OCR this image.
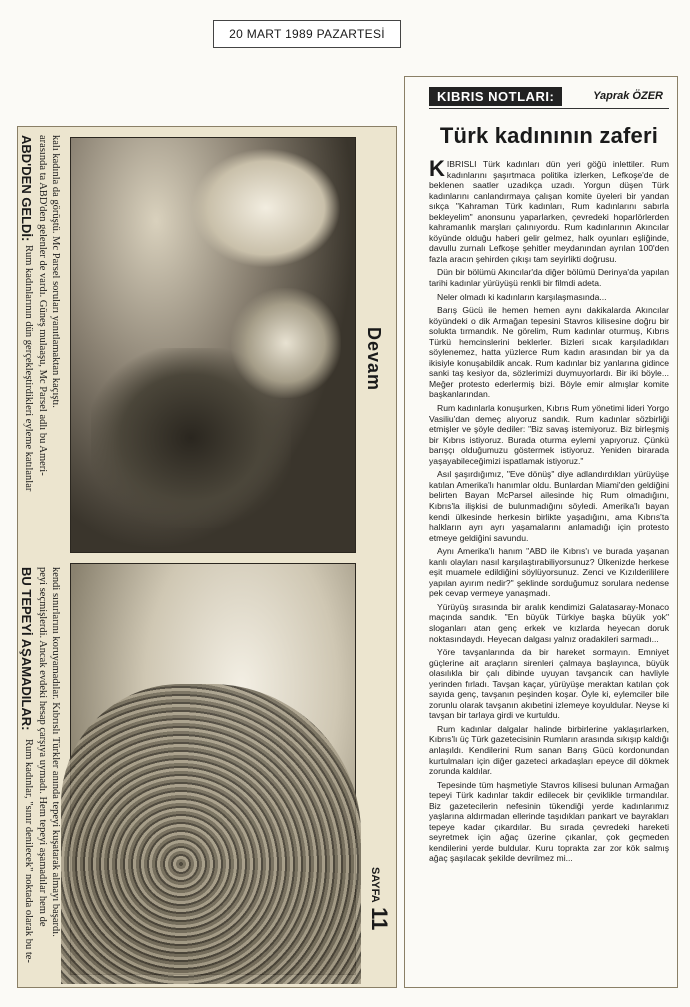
20 MART 1989 PAZARTESİ
ABD'DEN GELDİ:
Rum kadınlarının dün gerçekleştirdikleri eyleme katılanlar arasında ta ABD'den gelenler de vardı. Güneş mulaaşu, Mc Parsel adlı bu Ameri- kalı kadınla da görüştü. Mc Parsel soruları yanıtlamaktan kaçıştı.	Devam
BU TEPEYİ AŞAMADILAR:
Rum kadınlar, "sınır denilecek" noktada olarak bu te- peyi seçmişlerdi. Ancak evdeki hesap çarşıya uymadı. Hem tepeyi aşamadılar hem de kendi sınırlarını koruyamadılar. Kıbrıslı Türkler anında tepeyi kuşatarak almayı başardı.	SAYFA 11
KIBRIS NOTLARI:	Yaprak ÖZER
Türk kadınının zaferi

KIBRISLI Türk kadınları dün yeri göğü inlettiler. Rum kadınlarını şaşırtmaca politika izlerken, Lefkoşe'de de beklenen saatler uzadıkça uzadı. Yorgun düşen Türk kadınlarını canlandırmaya çalışan komite üyeleri bir yandan sıkça "Kahraman Türk kadınları, Rum kadınlarını sabırla bekleyelim" anonsunu yaparlarken, çevredeki hoparlörlerden kahramanlık marşları çalınıyordu. Rum kadınlarının Akıncılar köyünde olduğu haberi gelir gelmez, halk oyunları eşliğinde, davullu zurnalı Lefkoşe şehitler meydanından ayrılan 100'den fazla aracın şehirden çıkışı tam seyirlikti doğrusu.

Dün bir bölümü Akıncılar'da diğer bölümü Derinya'da yapılan tarihi kadınlar yürüyüşü renkli bir filmdi adeta.

Neler olmadı ki kadınların karşılaşmasında...

Barış Gücü ile hemen hemen aynı dakikalarda Akıncılar köyündeki o dik Armağan tepesini Stavros kilisesine doğru bir solukta tırmandık. Ne görelim, Rum kadınlar oturmuş, Kıbrıs Türkü hemcinslerini beklerler. Bizleri sıcak karşıladıkları söylenemez, hatta yüzlerce Rum kadın arasından bir ya da ikisiyle konuşabildik ancak. Rum kadınlar biz yanlarına gidince sanki taş kesiyor da, sözlerimizi duymuyorlardı. Bir iki böyle... Meğer protesto ederlermiş bizi. Böyle emir almışlar komite başkanlarından.

Rum kadınlarla konuşurken, Kıbrıs Rum yönetimi lideri Yorgo Vasiliu'dan demeç alıyoruz sandık. Rum kadınlar sözbirliği etmişler ve şöyle dediler: "Biz savaş istemiyoruz. Biz birleşmiş bir Kıbrıs istiyoruz. Burada oturma eylemi yapıyoruz. Çünkü barışçı olduğumuzu göstermek istiyoruz. Yeniden birarada yaşayabileceğimizi ispatlamak istiyoruz."

Asıl şaşırdığımız, "Eve dönüş" diye adlandırdıkları yürüyüşe katılan Amerika'lı hanımlar oldu. Bunlardan Miami'den geldiğini belirten Bayan McParsel ailesinde hiç Rum olmadığını, Kıbrıs'la ilişkisi de bulunmadığını söyledi. Amerika'lı bayan kendi ülkesinde herkesin birlikte yaşadığını, ama Kıbrıs'ta halkların ayrı ayrı yaşamalarını anlamadığı için protesto etmeye geldiğini savundu.

Aynı Amerika'lı hanım "ABD ile Kıbrıs'ı ve burada yaşanan kanlı olayları nasıl karşılaştırabiliyorsunuz? Ülkenizde herkese eşit muamele edildiğini söylüyorsunuz. Zenci ve Kızılderililere yapılan ayırım nedir?" şeklinde sorduğumuz sorulara nedense pek cevap vermeye yanaşmadı.

Yürüyüş sırasında bir aralık kendimizi Galatasaray-Monaco maçında sandık. "En büyük Türkiye başka büyük yok" sloganları atan genç erkek ve kızlarda heyecan doruk noktasındaydı. Heyecan dalgası yalnız oradakileri sarmadı...

Yöre tavşanlarında da bir hareket sormayın. Emniyet güçlerine ait araçların sirenleri çalmaya başlayınca, büyük olasılıkla bir çalı dibinde uyuyan tavşancık can havliyle yerinden fırladı. Tavşan kaçar, yürüyüşe meraktan katılan çok sayıda genç, tavşanın peşinden koşar. Öyle ki, eylemciler bile zorunlu olarak tavşanın akıbetini izlemeye koyuldular. Neyse ki tavşan bir tarlaya girdi ve kurtuldu.

Rum kadınlar dalgalar halinde birbirlerine yaklaşırlarken, Kıbrıs'lı üç Türk gazetecisinin Rumların arasında sıkışıp kaldığı anlaşıldı. Kendilerini Rum sanan Barış Gücü kordonundan kurtulmaları için diğer gazeteci arkadaşları epeyce dil dökmek zorunda kaldılar.

Tepesinde tüm haşmetiyle Stavros kilisesi bulunan Armağan tepeyi Türk kadınlar takdir edilecek bir çeviklikle tırmandılar. Biz gazetecilerin nefesinin tükendiği yerde kadınlarımız yaşlarına aldırmadan ellerinde taşıdıkları pankart ve bayrakları tepeye kadar çıkardılar. Bu sırada çevredeki hareketi seyretmek için ağaç üzerine çıkanlar, çok geçmeden kendilerini yerde buldular. Kuru toprakta zar zor kök salmış ağaç şaşılacak şekilde devrilmez mi...
